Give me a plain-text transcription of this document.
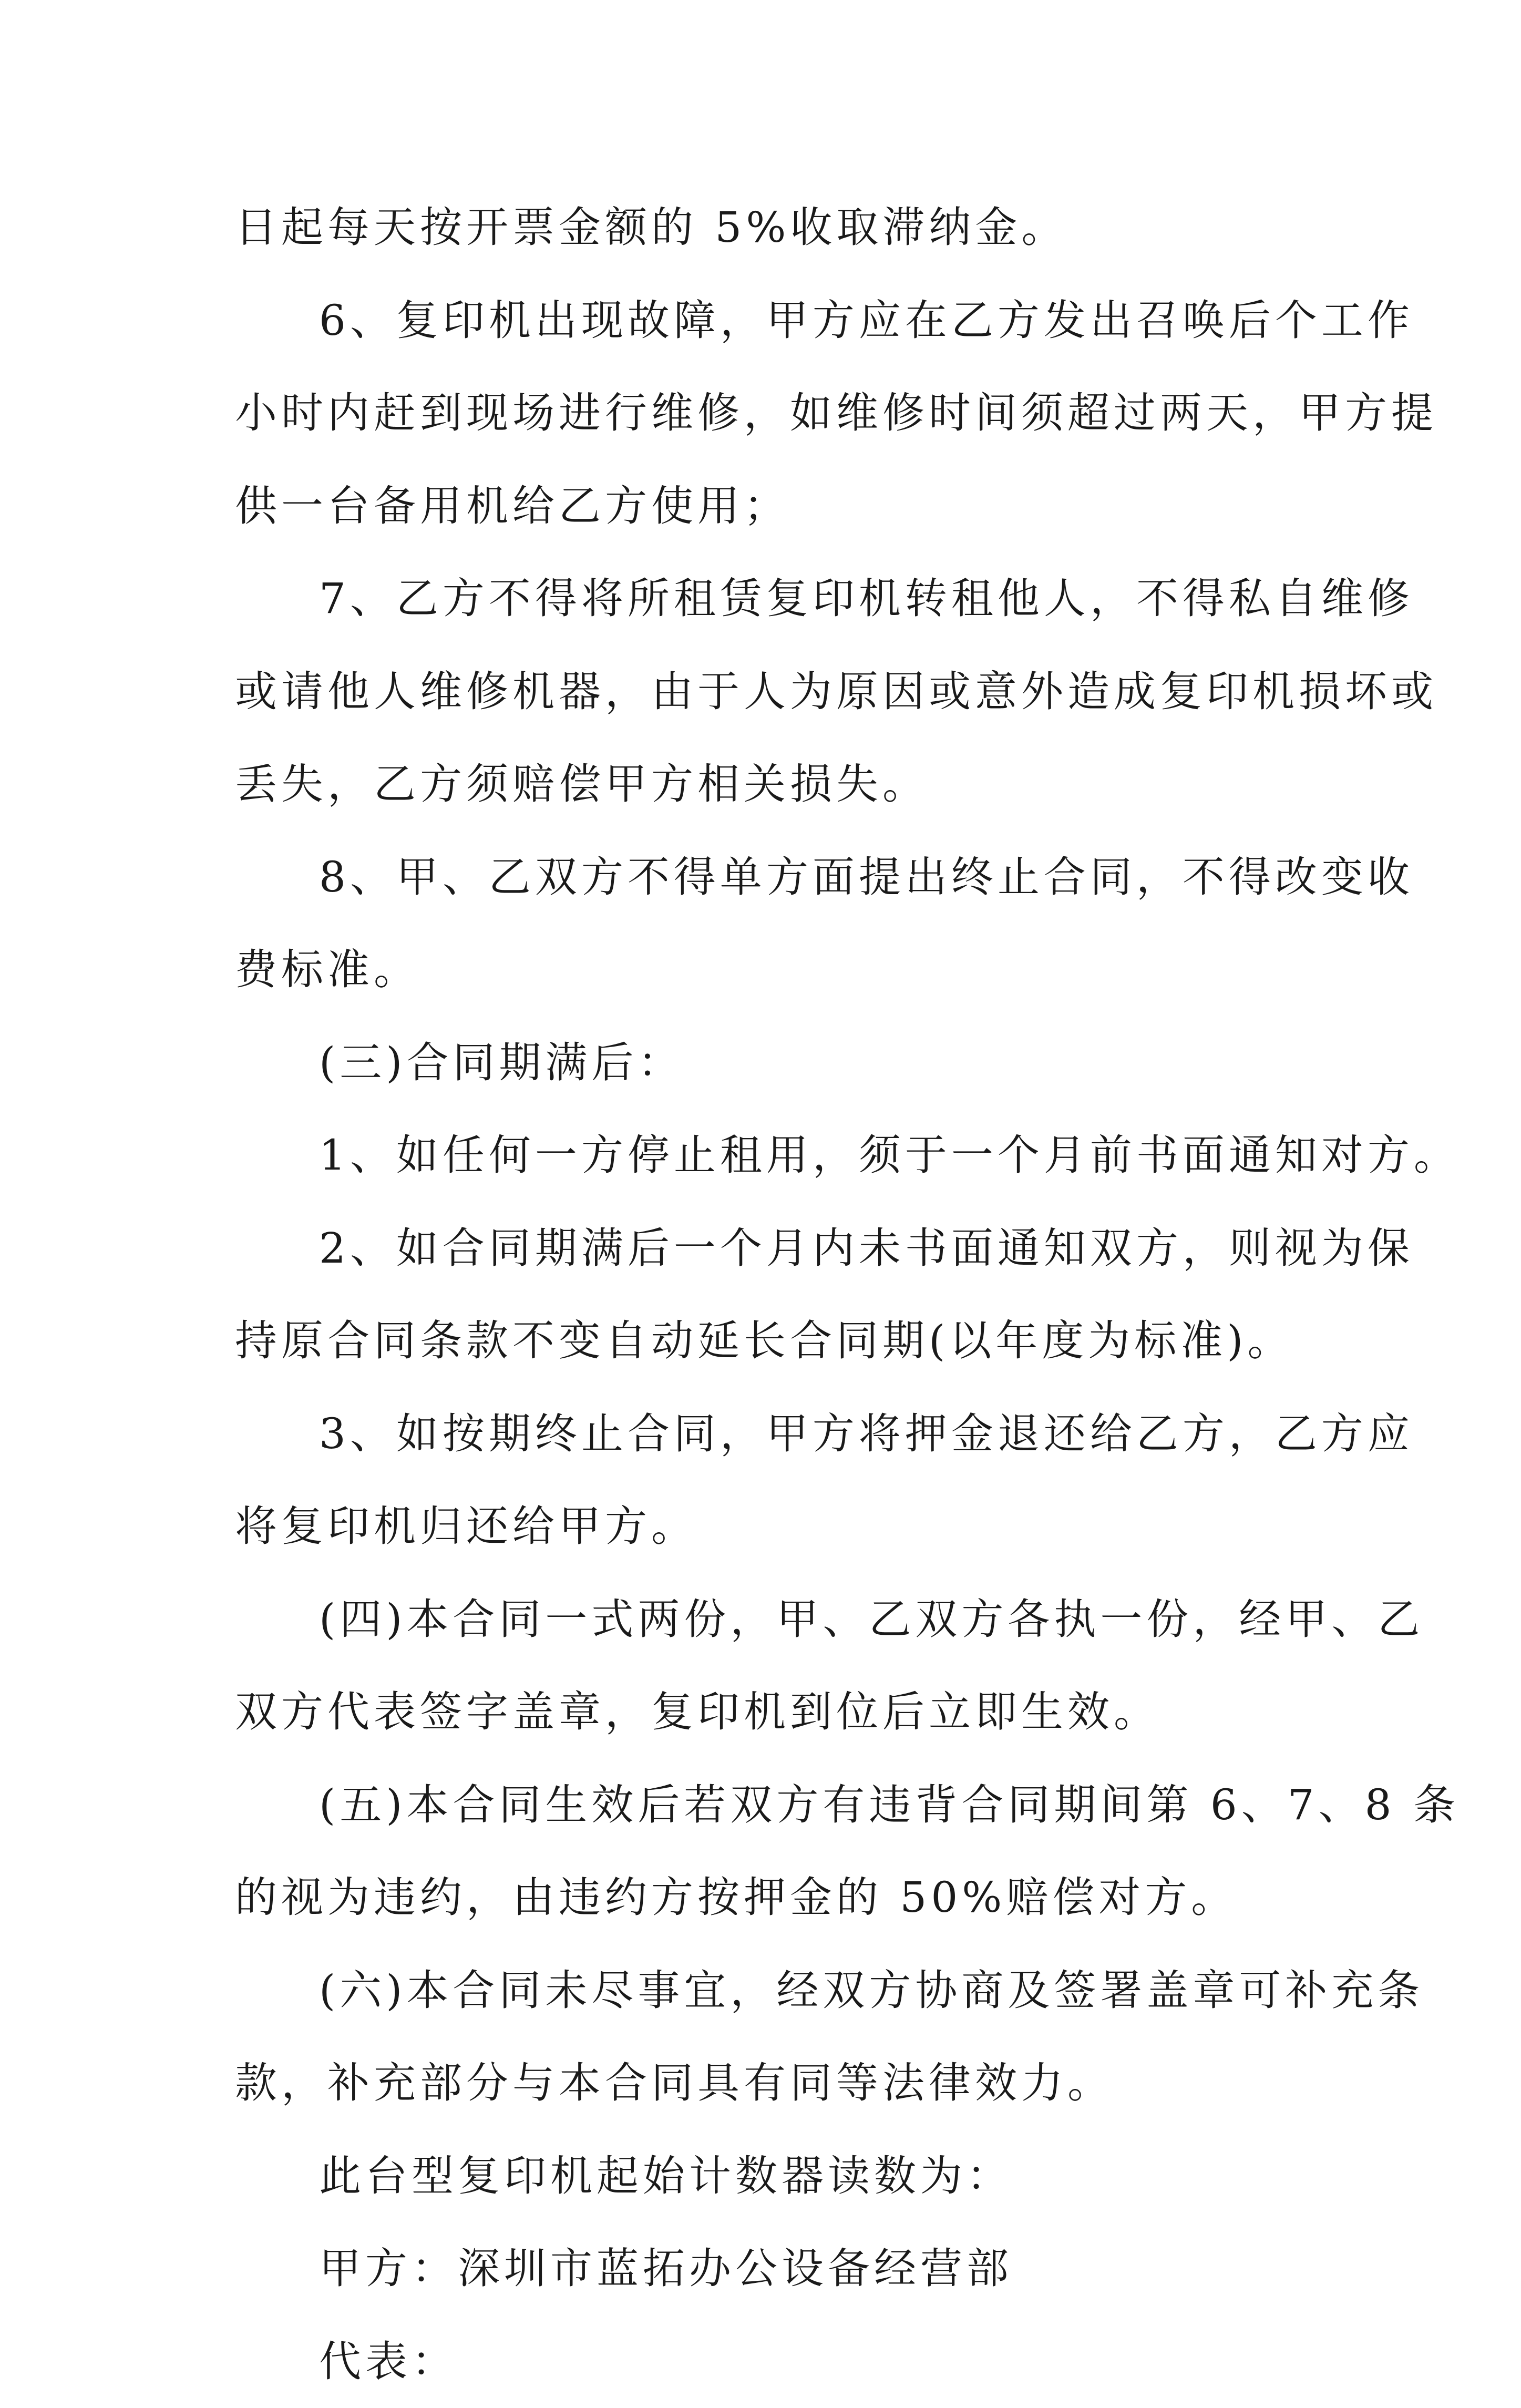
日起每天按开票金额的 5%收取滞纳金。
6、复印机出现故障，甲方应在乙方发出召唤后个工作
小时内赶到现场进行维修，如维修时间须超过两天，甲方提
供一台备用机给乙方使用；
7、乙方不得将所租赁复印机转租他人，不得私自维修
或请他人维修机器，由于人为原因或意外造成复印机损坏或
丢失，乙方须赔偿甲方相关损失。
8、甲、乙双方不得单方面提出终止合同，不得改变收
费标准。
(三)合同期满后：
1、如任何一方停止租用，须于一个月前书面通知对方。
2、如合同期满后一个月内未书面通知双方，则视为保
持原合同条款不变自动延长合同期(以年度为标准)。
3、如按期终止合同，甲方将押金退还给乙方，乙方应
将复印机归还给甲方。
(四)本合同一式两份，甲、乙双方各执一份，经甲、乙
双方代表签字盖章，复印机到位后立即生效。
(五)本合同生效后若双方有违背合同期间第 6、7、8 条
的视为违约，由违约方按押金的 50%赔偿对方。
(六)本合同未尽事宜，经双方协商及签署盖章可补充条
款，补充部分与本合同具有同等法律效力。
此台型复印机起始计数器读数为：
甲方：深圳市蓝拓办公设备经营部
代表：
